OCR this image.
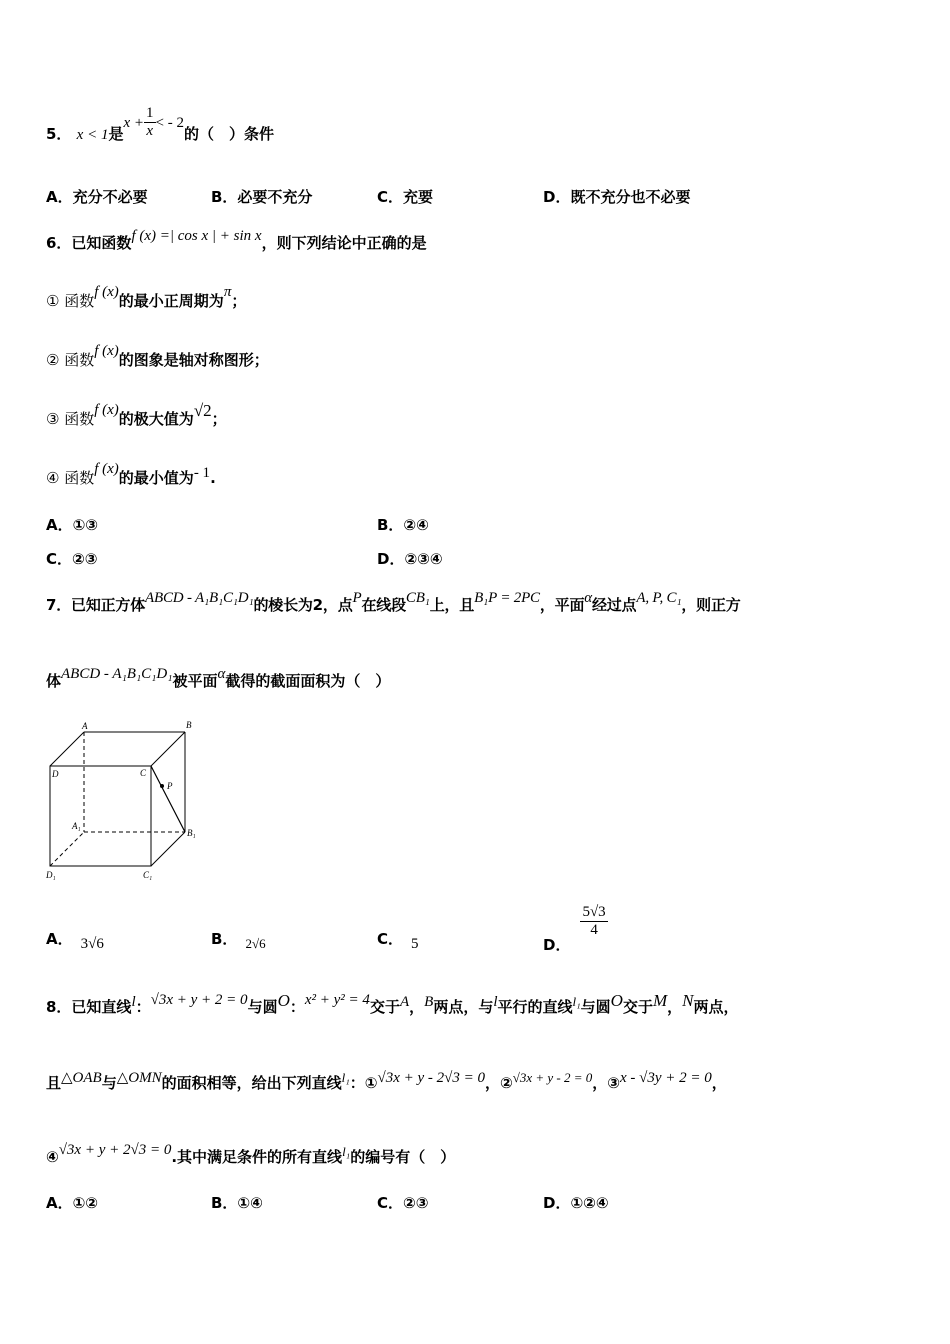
5． x < 1是$x + \frac{1}{x}$ < - 2的（　）条件
A．充分不必要	B．必要不充分	C．充要	D．既不充分也不必要
6．已知函数f (x) =| cos x | + sin x，则下列结论中正确的是
① 函数f (x)的最小正周期为π；
② 函数f (x)的图象是轴对称图形；
③ 函数f (x)的极大值为√2；
④ 函数f (x)的最小值为- 1.
A．①③	B．②④
C．②③	D．②③④
7．已知正方体ABCD - A₁B₁C₁D₁的棱长为2，点P在线段CB₁上，且B₁P = 2PC，平面α经过点A, P, C₁，则正方
体ABCD - A₁B₁C₁D₁被平面α截得的截面面积为（　）
A	B
D	C
P
A₁
B₁
D₁	C₁
A． 3√6	B． 2√6	C． 5	D．
$\frac{5√3}{4}$
8．已知直线l：√3x + y + 2 = 0与圆O：x² + y² = 4交于A，B两点，与l平行的直线l₁与圆O交于M，N两点，
且△OAB与△OMN的面积相等，给出下列直线l₁：①√3x + y - 2√3 = 0，②√3x + y - 2 = 0，③x - √3y + 2 = 0，
④√3x + y + 2√3 = 0.其中满足条件的所有直线l₁的编号有（　）
A．①②	B．①④	C．②③	D．①②④
